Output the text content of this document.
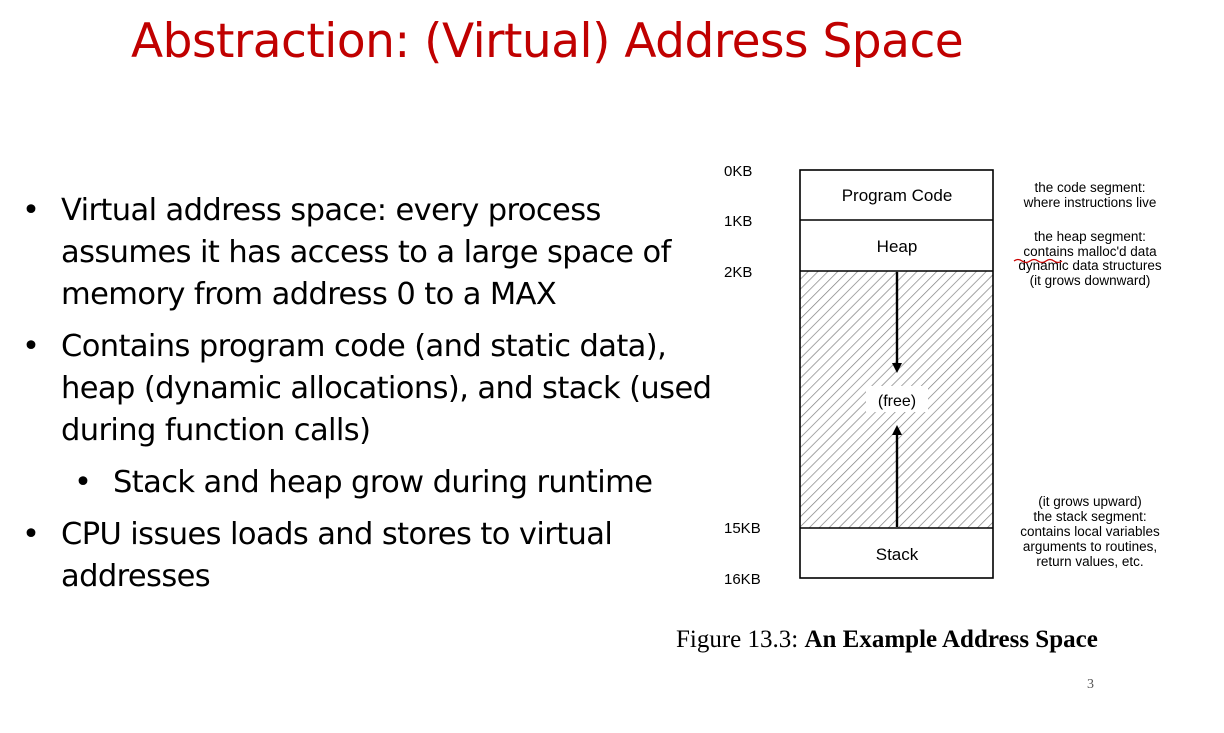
Abstraction: (Virtual) Address Space
• Virtual address space: every process assumes it has access to a large space of memory from address 0 to a MAX
• Contains program code (and static data), heap (dynamic allocations), and stack (used during function calls)
• Stack and heap grow during runtime
• CPU issues loads and stores to virtual addresses
Program Code
Heap
(free)
Stack
0KB
1KB
2KB
15KB
16KB
the code segment:
where instructions live
the heap segment:
contains malloc'd data
dynamic data structures
(it grows downward)
(it grows upward)
the stack segment:
contains local variables
arguments to routines,
return values, etc.
Figure 13.3: An Example Address Space
3
